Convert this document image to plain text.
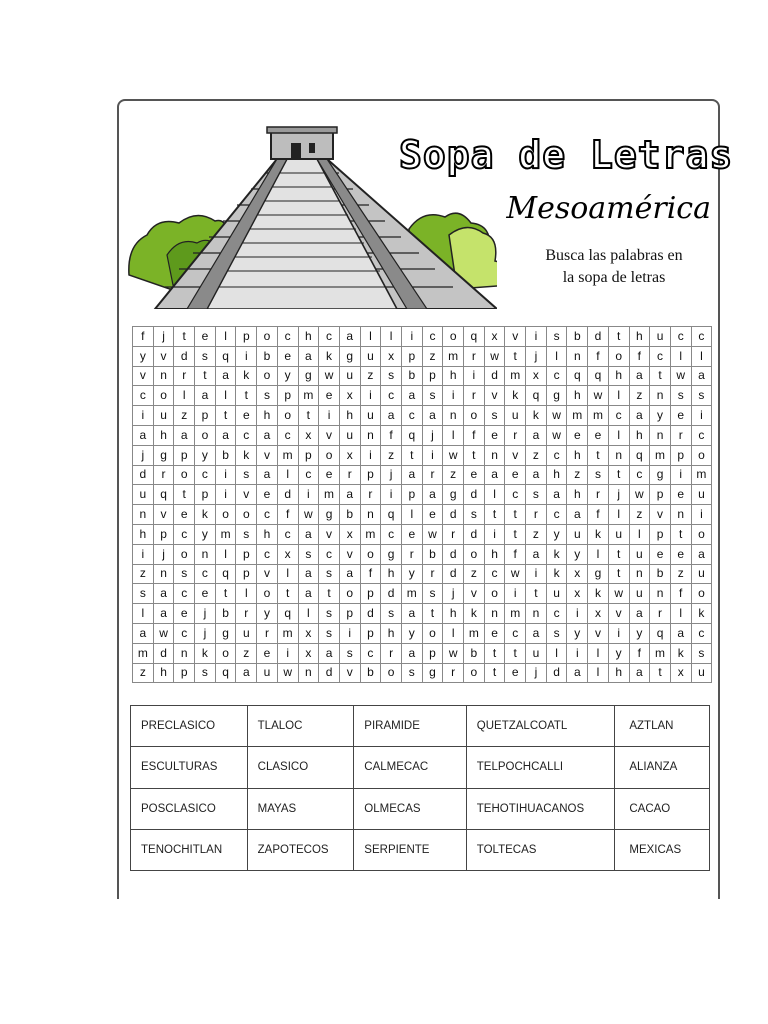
Sopa de Letras
Mesoamérica
Busca las palabras en
la sopa de letras
f	j	t	e	l	p	o	c	h	c	a	l	l	i	c	o	q	x	v	i	s	b	d	t	h	u	c	c
y	v	d	s	q	i	b	e	a	k	g	u	x	p	z	m	r	w	t	j	l	n	f	o	f	c	l	l
v	n	r	t	a	k	o	y	g	w	u	z	s	b	p	h	i	d	m	x	c	q	q	h	a	t	w	a
c	o	l	a	l	t	s	p	m	e	x	i	c	a	s	i	r	v	k	q	g	h	w	l	z	n	s	s
i	u	z	p	t	e	h	o	t	i	h	u	a	c	a	n	o	s	u	k	w	m	m	c	a	y	e	i
a	h	a	o	a	c	a	c	x	v	u	n	f	q	j	l	f	e	r	a	w	e	e	l	h	n	r	c
j	g	p	y	b	k	v	m	p	o	x	i	z	t	i	w	t	n	v	z	c	h	t	n	q	m	p	o
d	r	o	c	i	s	a	l	c	e	r	p	j	a	r	z	e	a	e	a	h	z	s	t	c	g	i	m
u	q	t	p	i	v	e	d	i	m	a	r	i	p	a	g	d	l	c	s	a	h	r	j	w	p	e	u
n	v	e	k	o	o	c	f	w	g	b	n	q	l	e	d	s	t	t	r	c	a	f	l	z	v	n	i
h	p	c	y	m	s	h	c	a	v	x	m	c	e	w	r	d	i	t	z	y	u	k	u	l	p	t	o
i	j	o	n	l	p	c	x	s	c	v	o	g	r	b	d	o	h	f	a	k	y	l	t	u	e	e	a
z	n	s	c	q	p	v	l	a	s	a	f	h	y	r	d	z	c	w	i	k	x	g	t	n	b	z	u
s	a	c	e	t	l	o	t	a	t	o	p	d	m	s	j	v	o	i	t	u	x	k	w	u	n	f	o
l	a	e	j	b	r	y	q	l	s	p	d	s	a	t	h	k	n	m	n	c	i	x	v	a	r	l	k
a	w	c	j	g	u	r	m	x	s	i	p	h	y	o	l	m	e	c	a	s	y	v	i	y	q	a	c
m	d	n	k	o	z	e	i	x	a	s	c	r	a	p	w	b	t	t	u	l	i	l	y	f	m	k	s
z	h	p	s	q	a	u	w	n	d	v	b	o	s	g	r	o	t	e	j	d	a	l	h	a	t	x	u
PRECLASICO	TLALOC	PIRAMIDE	QUETZALCOATL	AZTLAN
ESCULTURAS	CLASICO	CALMECAC	TELPOCHCALLI	ALIANZA
POSCLASICO	MAYAS	OLMECAS	TEHOTIHUACANOS	CACAO
TENOCHITLAN	ZAPOTECOS	SERPIENTE	TOLTECAS	MEXICAS
